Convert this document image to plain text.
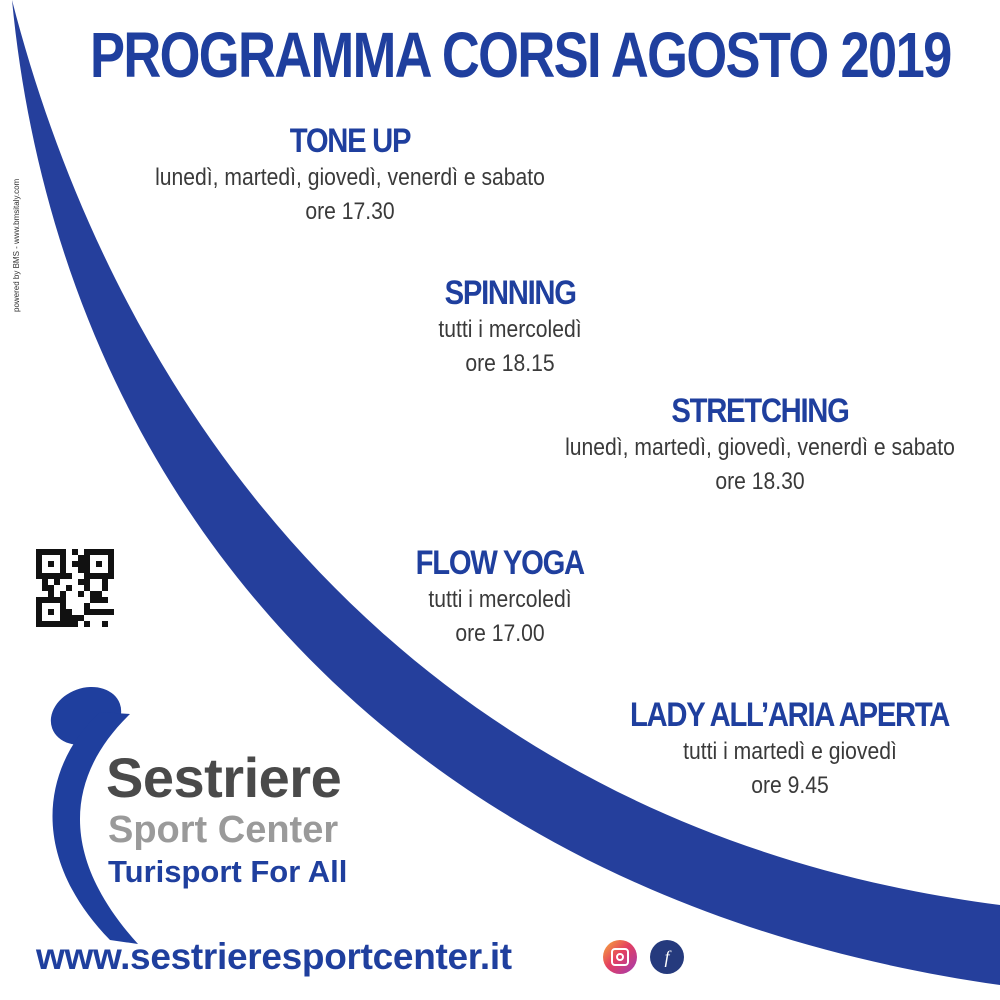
PROGRAMMA CORSI AGOSTO 2019
powered by BMS - www.bmsitaly.com
TONE UP
lunedì, martedì, giovedì, venerdì e sabato
ore 17.30
SPINNING
tutti i mercoledì
ore 18.15
STRETCHING
lunedì, martedì, giovedì, venerdì e sabato
ore 18.30
FLOW YOGA
tutti i mercoledì
ore 17.00
LADY ALL’ARIA APERTA
tutti i martedì e giovedì
ore 9.45
Sestriere
Sport Center
Turisport For All
www.sestrieresportcenter.it	f
